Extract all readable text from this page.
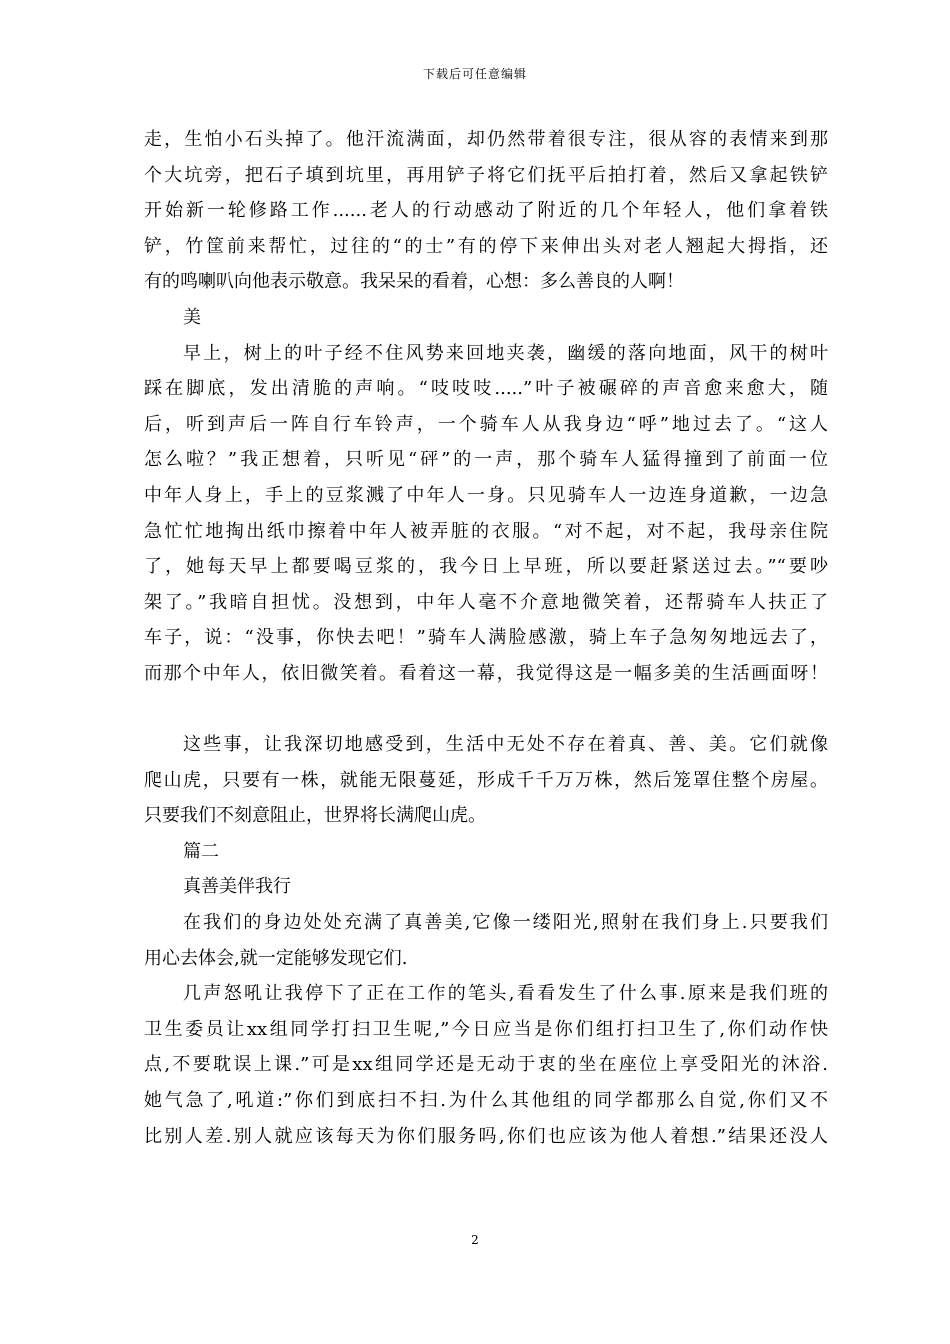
下载后可任意编辑
走，生怕小石头掉了。他汗流满面，却仍然带着很专注，很从容的表情来到那
个大坑旁，把石子填到坑里，再用铲子将它们抚平后拍打着，然后又拿起铁铲
开始新一轮修路工作......老人的行动感动了附近的几个年轻人，他们拿着铁
铲，竹筐前来帮忙，过往的“的士”有的停下来伸出头对老人翘起大拇指，还
有的鸣喇叭向他表示敬意。我呆呆的看着，心想：多么善良的人啊！
美
早上，树上的叶子经不住风势来回地夹袭，幽缓的落向地面，风干的树叶
踩在脚底，发出清脆的声响。“吱吱吱.....”叶子被碾碎的声音愈来愈大，随
后，听到声后一阵自行车铃声，一个骑车人从我身边“呼”地过去了。“这人
怎么啦？”我正想着，只听见“砰”的一声，那个骑车人猛得撞到了前面一位
中年人身上，手上的豆浆溅了中年人一身。只见骑车人一边连身道歉，一边急
急忙忙地掏出纸巾擦着中年人被弄脏的衣服。“对不起，对不起，我母亲住院
了，她每天早上都要喝豆浆的，我今日上早班，所以要赶紧送过去。”“要吵
架了。”我暗自担忧。没想到，中年人毫不介意地微笑着，还帮骑车人扶正了
车子，说：“没事，你快去吧！”骑车人满脸感激，骑上车子急匆匆地远去了，
而那个中年人，依旧微笑着。看着这一幕，我觉得这是一幅多美的生活画面呀！
这些事，让我深切地感受到，生活中无处不存在着真、善、美。它们就像
爬山虎，只要有一株，就能无限蔓延，形成千千万万株，然后笼罩住整个房屋。
只要我们不刻意阻止，世界将长满爬山虎。
篇二
真善美伴我行
在我们的身边处处充满了真善美,它像一缕阳光,照射在我们身上.只要我们
用心去体会,就一定能够发现它们.
几声怒吼让我停下了正在工作的笔头,看看发生了什么事.原来是我们班的
卫生委员让xx组同学打扫卫生呢,”今日应当是你们组打扫卫生了,你们动作快
点,不要耽误上课.”可是xx组同学还是无动于衷的坐在座位上享受阳光的沐浴.
她气急了,吼道:”你们到底扫不扫.为什么其他组的同学都那么自觉,你们又不
比别人差.别人就应该每天为你们服务吗,你们也应该为他人着想.”结果还没人
2
